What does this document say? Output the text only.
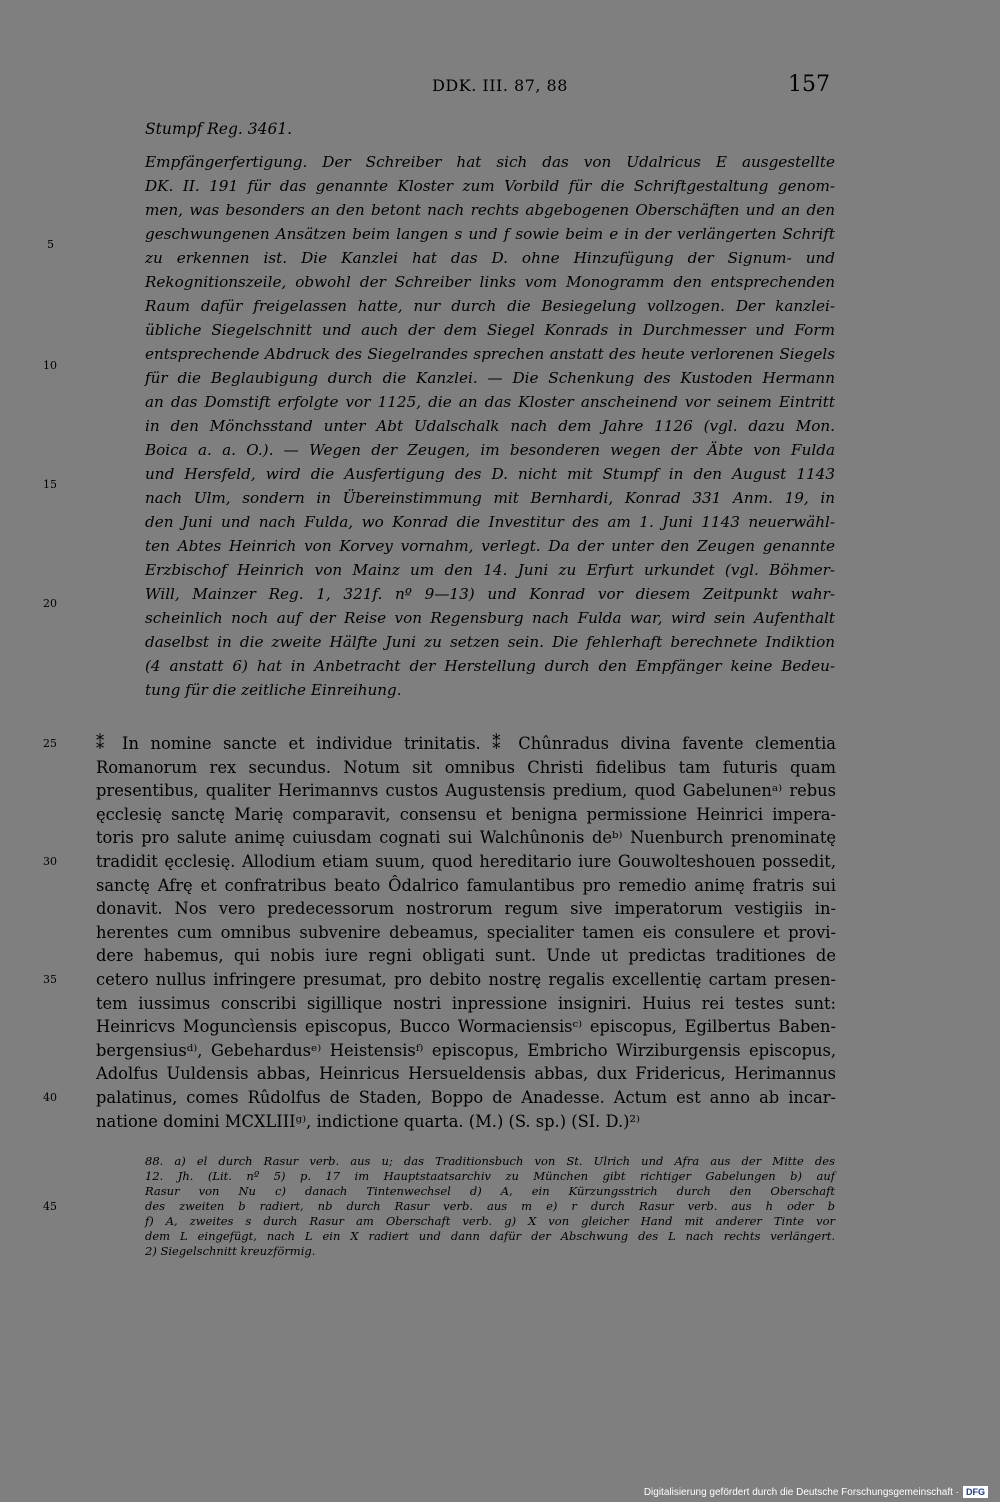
DDK. III. 87, 88	157
Stumpf Reg. 3461.
Empfängerfertigung. Der Schreiber hat sich das von Udalricus E ausgestellte
DK. II. 191 für das genannte Kloster zum Vorbild für die Schriftgestaltung genom-
men, was besonders an den betont nach rechts abgebogenen Oberschäften und an den
geschwungenen Ansätzen beim langen s und f sowie beim e in der verlängerten Schrift
zu erkennen ist. Die Kanzlei hat das D. ohne Hinzufügung der Signum- und
Rekognitionszeile, obwohl der Schreiber links vom Monogramm den entsprechenden
Raum dafür freigelassen hatte, nur durch die Besiegelung vollzogen. Der kanzlei-
übliche Siegelschnitt und auch der dem Siegel Konrads in Durchmesser und Form
entsprechende Abdruck des Siegelrandes sprechen anstatt des heute verlorenen Siegels
für die Beglaubigung durch die Kanzlei. — Die Schenkung des Kustoden Hermann
an das Domstift erfolgte vor 1125, die an das Kloster anscheinend vor seinem Eintritt
in den Mönchsstand unter Abt Udalschalk nach dem Jahre 1126 (vgl. dazu Mon.
Boica a. a. O.). — Wegen der Zeugen, im besonderen wegen der Äbte von Fulda
und Hersfeld, wird die Ausfertigung des D. nicht mit Stumpf in den August 1143
nach Ulm, sondern in Übereinstimmung mit Bernhardi, Konrad 331 Anm. 19, in
den Juni und nach Fulda, wo Konrad die Investitur des am 1. Juni 1143 neuerwähl-
ten Abtes Heinrich von Korvey vornahm, verlegt. Da der unter den Zeugen genannte
Erzbischof Heinrich von Mainz um den 14. Juni zu Erfurt urkundet (vgl. Böhmer-
Will, Mainzer Reg. 1, 321f. nº 9—13) und Konrad vor diesem Zeitpunkt wahr-
scheinlich noch auf der Reise von Regensburg nach Fulda war, wird sein Aufenthalt
daselbst in die zweite Hälfte Juni zu setzen sein. Die fehlerhaft berechnete Indiktion
(4 anstatt 6) hat in Anbetracht der Herstellung durch den Empfänger keine Bedeu-
tung für die zeitliche Einreihung.
⁑ In nomine sancte et individue trinitatis. ⁑ Chûnradus divina favente clementia
Romanorum rex secundus. Notum sit omnibus Christi fidelibus tam futuris quam
presentibus, qualiter Herimannvs custos Augustensis predium, quod Gabelunenᵃ⁾ rebus
ęcclesię sanctę Marię comparavit, consensu et benigna permissione Heinrici impera-
toris pro salute animę cuiusdam cognati sui Walchûnonis deᵇ⁾ Nuenburch prenominatę
tradidit ęcclesię. Allodium etiam suum, quod hereditario iure Gouwolteshouen possedit,
sanctę Afrę et confratribus beato Ôdalrico famulantibus pro remedio animę fratris sui
donavit. Nos vero predecessorum nostrorum regum sive imperatorum vestigiis in-
herentes cum omnibus subvenire debeamus, specialiter tamen eis consulere et provi-
dere habemus, qui nobis iure regni obligati sunt. Unde ut predictas traditiones de
cetero nullus infringere presumat, pro debito nostrę regalis excellentię cartam presen-
tem iussimus conscribi sigillique nostri inpressione insigniri. Huius rei testes sunt:
Heinricvs Moguncìensis episcopus, Bucco Wormaciensisᶜ⁾ episcopus, Egilbertus Baben-
bergensiusᵈ⁾, Gebehardusᵉ⁾ Heistensisᶠ⁾ episcopus, Embricho Wirziburgensis episcopus,
Adolfus Uuldensis abbas, Heinricus Hersueldensis abbas, dux Fridericus, Herimannus
palatinus, comes Rûdolfus de Staden, Boppo de Anadesse. Actum est anno ab incar-
natione domini MCXLIIIᵍ⁾, indictione quarta. (M.) (S. sp.) (SI. D.)²⁾
88. a) el durch Rasur verb. aus u; das Traditionsbuch von St. Ulrich und Afra aus der Mitte des
12. Jh. (Lit. nº 5) p. 17 im Hauptstaatsarchiv zu München gibt richtiger Gabelungen b) auf
Rasur von Nu c) danach Tintenwechsel d) A, ein Kürzungsstrich durch den Oberschaft
des zweiten b radiert, nb durch Rasur verb. aus m e) r durch Rasur verb. aus h oder b
f) A, zweites s durch Rasur am Oberschaft verb. g) X von gleicher Hand mit anderer Tinte vor
dem L eingefügt, nach L ein X radiert und dann dafür der Abschwung des L nach rechts verlängert.
2) Siegelschnitt kreuzförmig.
5
10
15
20
25
30
35
40
45
Digitalisierung gefördert durch die Deutsche Forschungsgemeinschaft · DFG
